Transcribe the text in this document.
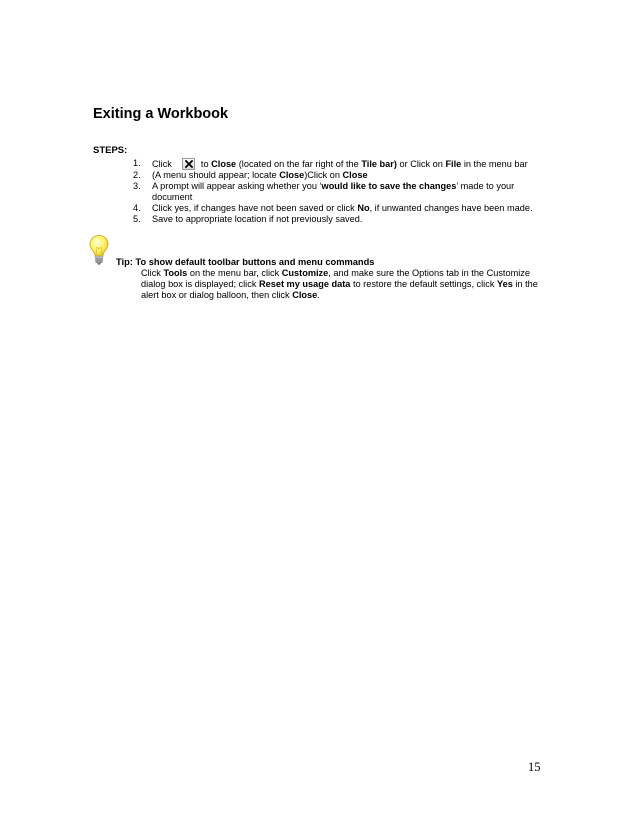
Exiting a Workbook
STEPS:
1. Click	to Close (located on the far right of the Tile bar) or Click on File in the menu bar
2. (A menu should appear; locate Close)Click on Close
3. A prompt will appear asking whether you ‘would like to save the changes’ made to your document
4. Click yes, if changes have not been saved or click No, if unwanted changes have been made.
5. Save to appropriate location if not previously saved.
Tip: To show default toolbar buttons and menu commands

Click Tools on the menu bar, click Customize, and make sure the Options tab in the Customize dialog box is displayed; click Reset my usage data to restore the default settings, click Yes in the alert box or dialog balloon, then click Close.

15
